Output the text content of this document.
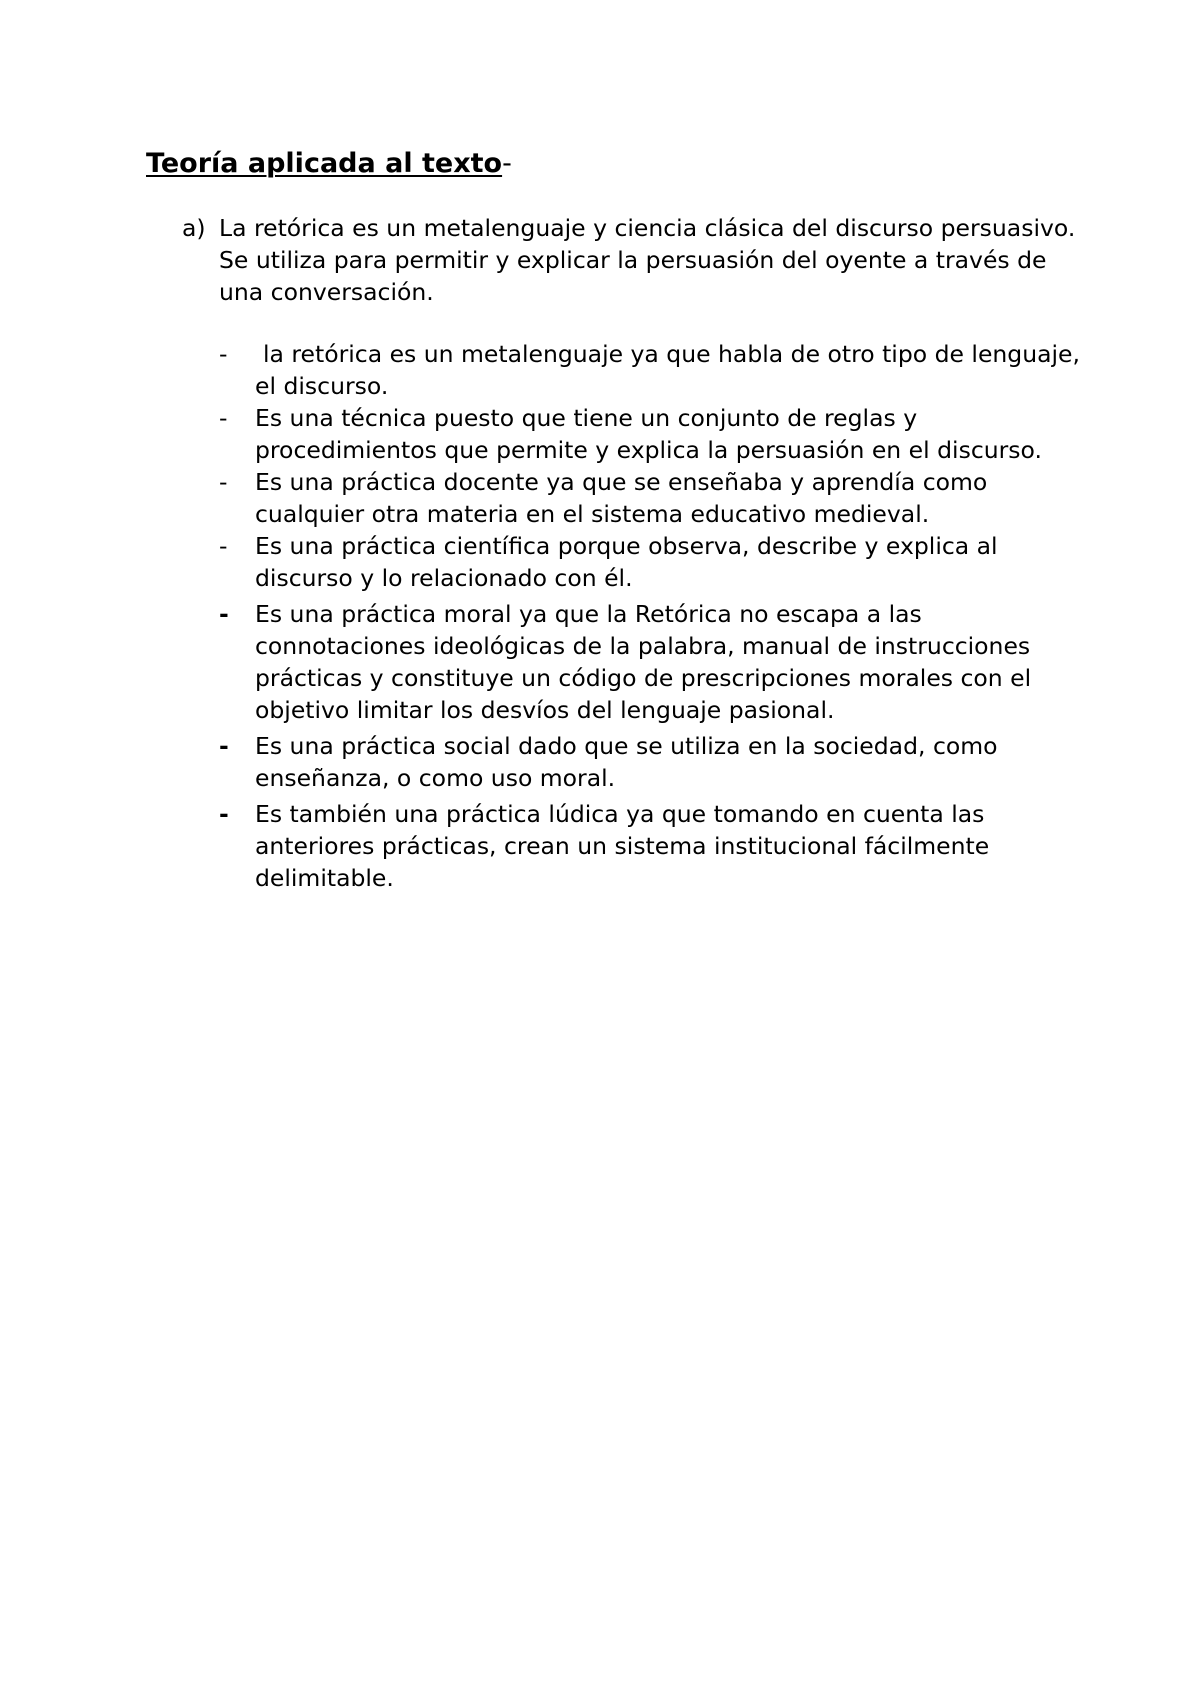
Teoría aplicada al texto-

a) La retórica es un metalenguaje y ciencia clásica del discurso persuasivo. Se utiliza para permitir y explicar la persuasión del oyente a través de una conversación.

- la retórica es un metalenguaje ya que habla de otro tipo de lenguaje, el discurso.
- Es una técnica puesto que tiene un conjunto de reglas y procedimientos que permite y explica la persuasión en el discurso.
- Es una práctica docente ya que se enseñaba y aprendía como cualquier otra materia en el sistema educativo medieval.
- Es una práctica científica porque observa, describe y explica al discurso y lo relacionado con él.
- Es una práctica moral ya que la Retórica no escapa a las connotaciones ideológicas de la palabra, manual de instrucciones prácticas y constituye un código de prescripciones morales con el objetivo limitar los desvíos del lenguaje pasional.
- Es una práctica social dado que se utiliza en la sociedad, como enseñanza, o como uso moral.
- Es también una práctica lúdica ya que tomando en cuenta las anteriores prácticas, crean un sistema institucional fácilmente delimitable.
